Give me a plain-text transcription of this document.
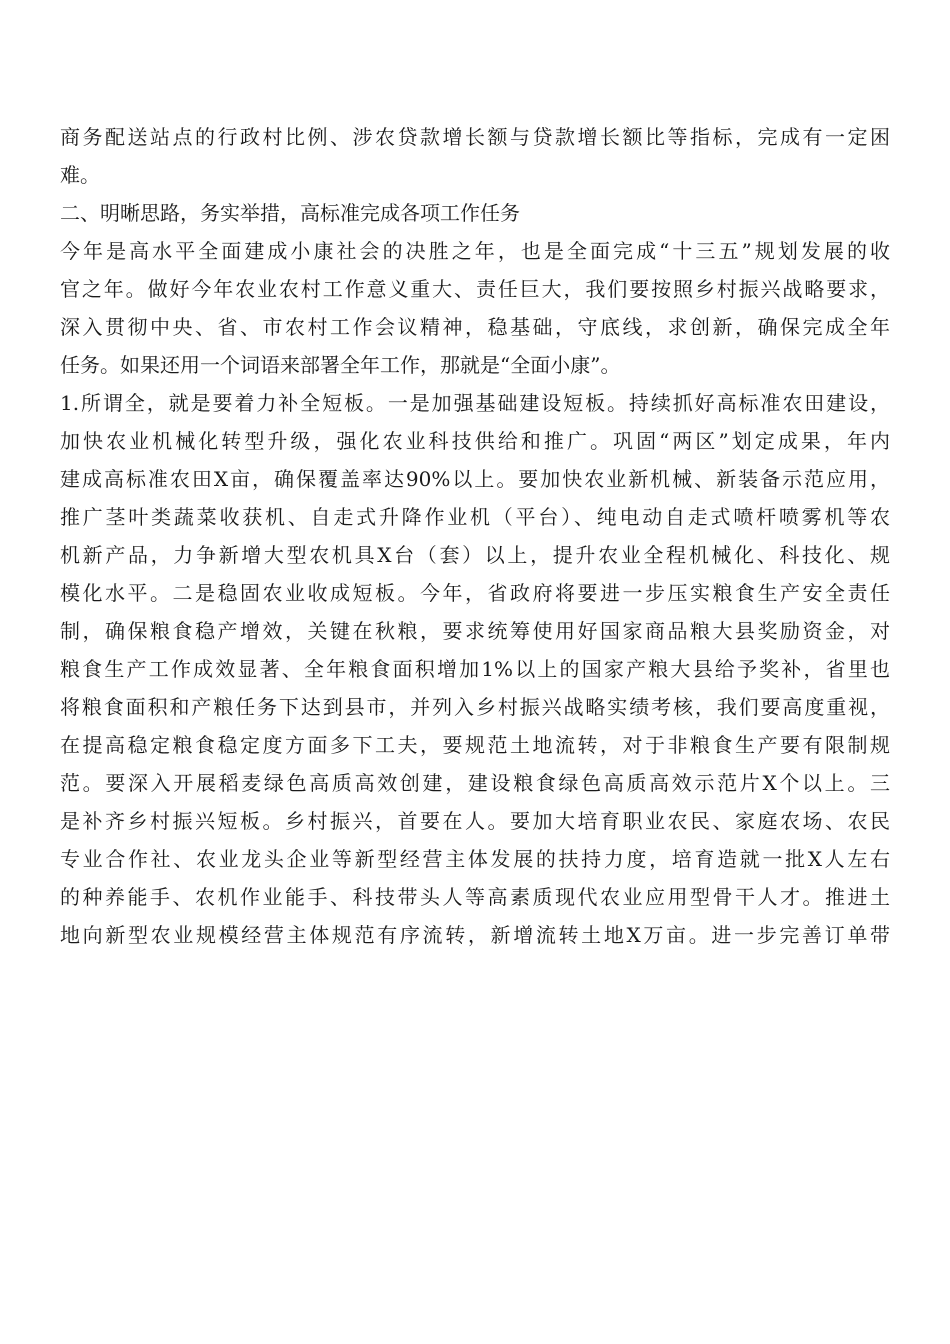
商务配送站点的行政村比例、涉农贷款增长额与贷款增长额比等指标，完成有一定困

难。

二、明晰思路，务实举措，高标准完成各项工作任务

今年是高水平全面建成小康社会的决胜之年，也是全面完成“十三五”规划发展的收

官之年。做好今年农业农村工作意义重大、责任巨大，我们要按照乡村振兴战略要求，

深入贯彻中央、省、市农村工作会议精神，稳基础，守底线，求创新，确保完成全年

任务。如果还用一个词语来部署全年工作，那就是“全面小康”。

1.所谓全，就是要着力补全短板。一是加强基础建设短板。持续抓好高标准农田建设，

加快农业机械化转型升级，强化农业科技供给和推广。巩固“两区”划定成果，年内

建成高标准农田X亩，确保覆盖率达90%以上。要加快农业新机械、新装备示范应用，

推广茎叶类蔬菜收获机、自走式升降作业机（平台）、纯电动自走式喷杆喷雾机等农

机新产品，力争新增大型农机具X台（套）以上，提升农业全程机械化、科技化、规

模化水平。二是稳固农业收成短板。今年，省政府将要进一步压实粮食生产安全责任

制，确保粮食稳产增效，关键在秋粮，要求统筹使用好国家商品粮大县奖励资金，对

粮食生产工作成效显著、全年粮食面积增加1%以上的国家产粮大县给予奖补，省里也

将粮食面积和产粮任务下达到县市，并列入乡村振兴战略实绩考核，我们要高度重视，

在提高稳定粮食稳定度方面多下工夫，要规范土地流转，对于非粮食生产要有限制规

范。要深入开展稻麦绿色高质高效创建，建设粮食绿色高质高效示范片X个以上。三

是补齐乡村振兴短板。乡村振兴，首要在人。要加大培育职业农民、家庭农场、农民

专业合作社、农业龙头企业等新型经营主体发展的扶持力度，培育造就一批X人左右

的种养能手、农机作业能手、科技带头人等高素质现代农业应用型骨干人才。推进土

地向新型农业规模经营主体规范有序流转，新增流转土地X万亩。进一步完善订单带
